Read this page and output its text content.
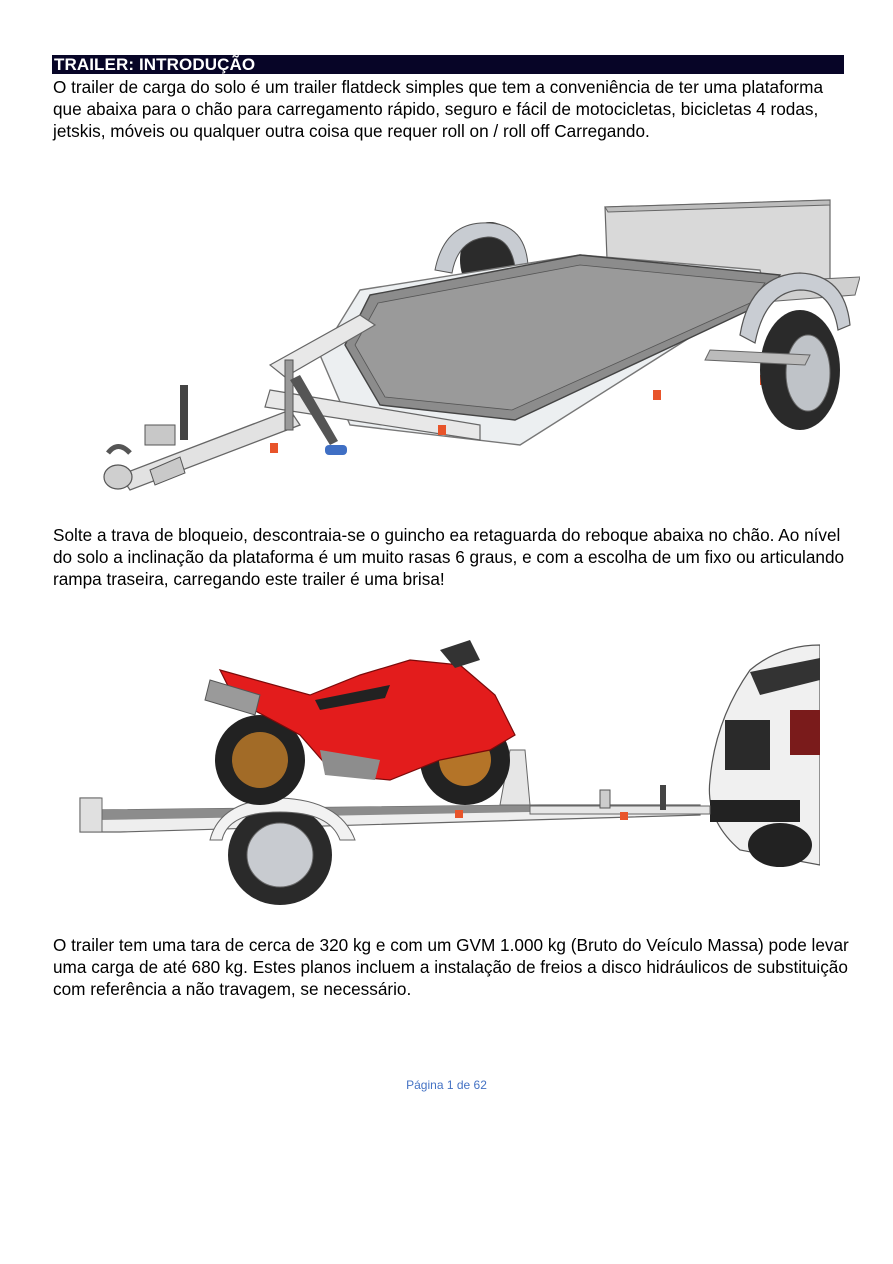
TRAILER: INTRODUÇÃO

O trailer de carga do solo é um trailer flatdeck simples que tem a conveniência de ter uma plataforma que abaixa para o chão para carregamento rápido, seguro e fácil de motocicletas, bicicletas 4 rodas, jetskis, móveis ou qualquer outra coisa que requer roll on / roll off Carregando.

Solte a trava de bloqueio, descontraia-se o guincho ea retaguarda do reboque abaixa no chão. Ao nível do solo a inclinação da plataforma é um muito rasas 6 graus, e com a escolha de um fixo ou articulando rampa traseira, carregando este trailer é uma brisa!

O trailer tem uma tara de cerca de 320 kg e com um GVM 1.000 kg (Bruto do Veículo Massa) pode levar uma carga de até 680 kg. Estes planos incluem a instalação de freios a disco hidráulicos de substituição com referência a não travagem, se necessário.

Página 1 de 62
